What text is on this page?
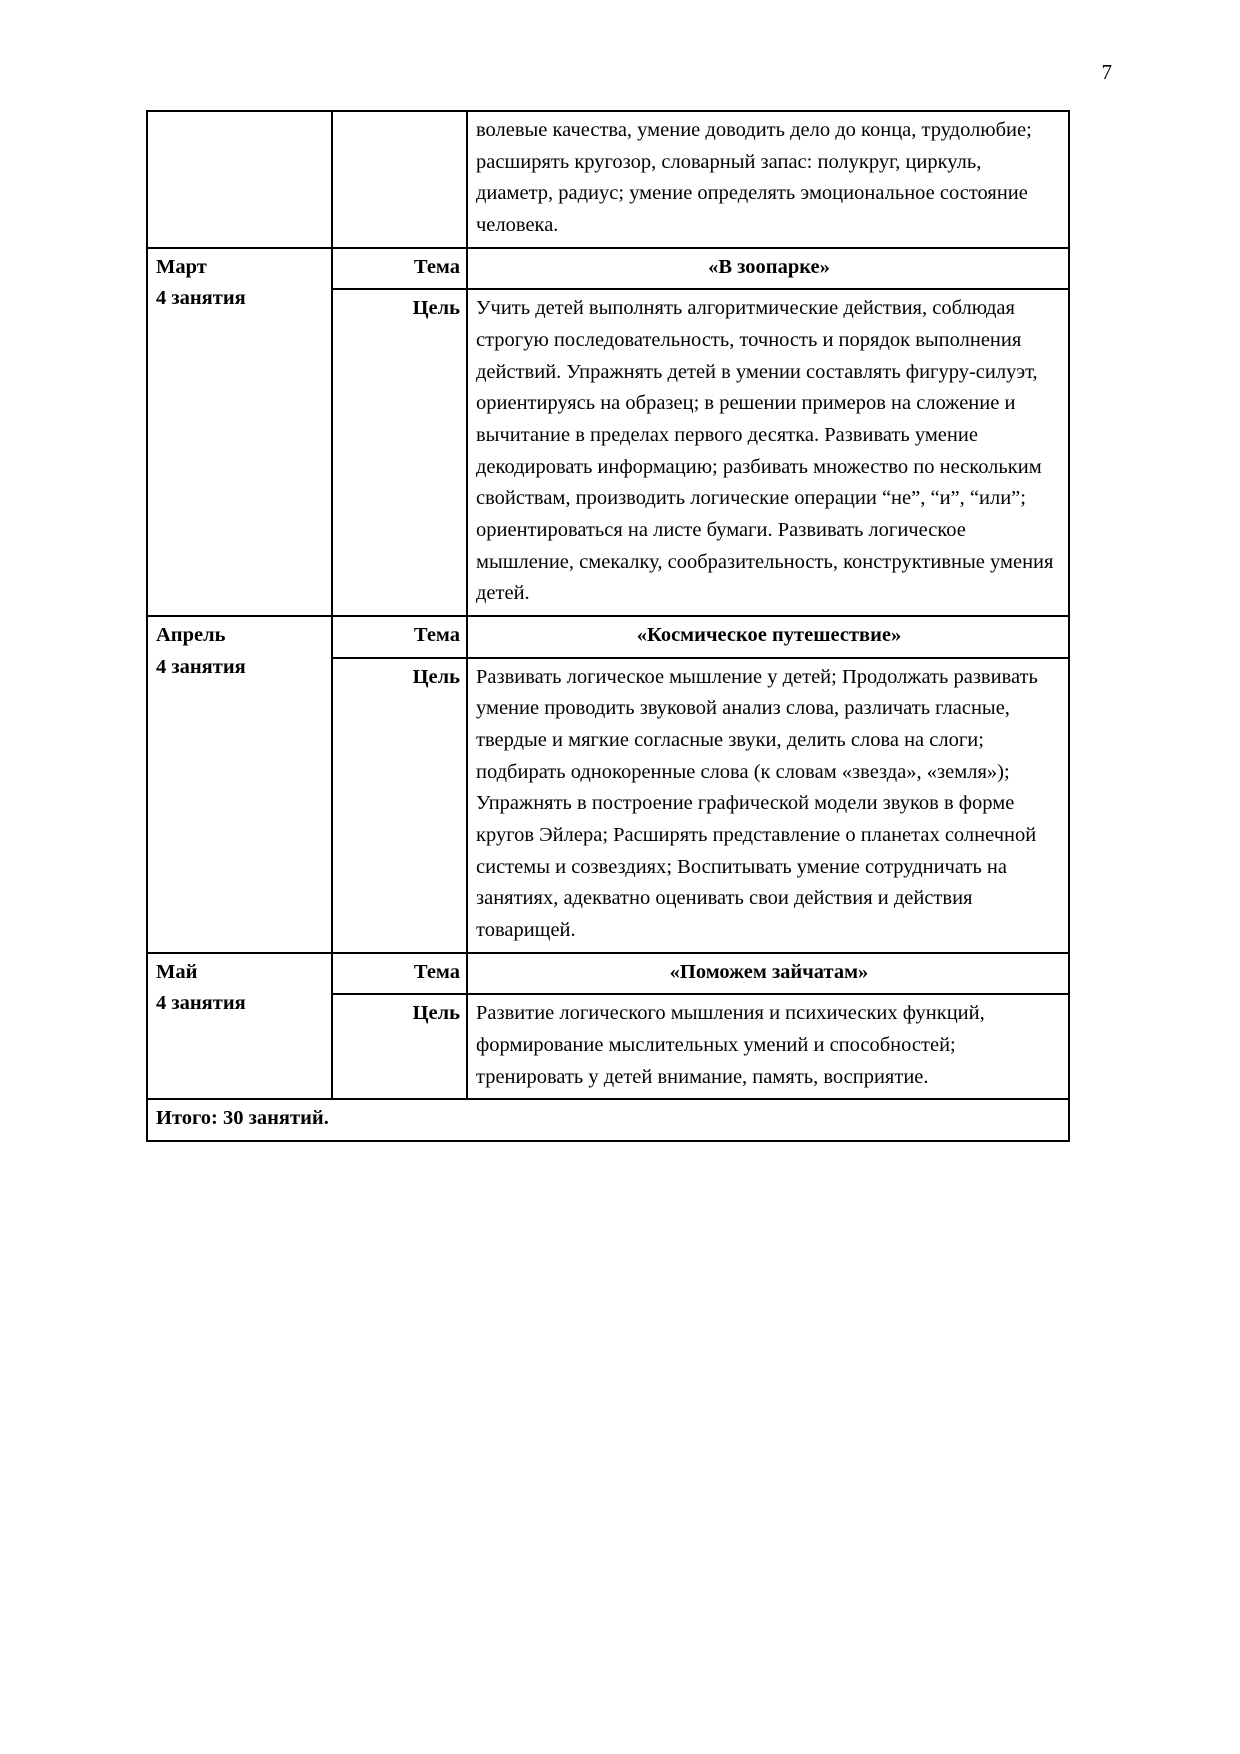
7
		волевые качества, умение доводить дело до конца, трудолюбие; расширять кругозор, словарный запас: полукруг, циркуль, диаметр, радиус; умение определять эмоциональное состояние человека.

Март
4 занятия	Тема	«В зоопарке»
	Цель	Учить детей выполнять алгоритмические действия, соблюдая строгую последовательность, точность и порядок выполнения действий. Упражнять детей в умении составлять фигуру-силуэт, ориентируясь на образец; в решении примеров на сложение и вычитание в пределах первого десятка. Развивать умение декодировать информацию; разбивать множество по нескольким свойствам, производить логические операции “не”, “и”, “или”; ориентироваться на листе бумаги. Развивать логическое мышление, смекалку, сообразительность, конструктивные умения детей.

Апрель
4 занятия	Тема	«Космическое путешествие»
	Цель	Развивать логическое мышление у детей; Продолжать развивать умение проводить звуковой анализ слова, различать гласные, твердые и мягкие согласные звуки, делить слова на слоги; подбирать однокоренные слова (к словам «звезда», «земля»); Упражнять в построение графической модели звуков в форме кругов Эйлера; Расширять представление о планетах солнечной системы и созвездиях; Воспитывать умение сотрудничать на занятиях, адекватно оценивать свои действия и действия товарищей.

Май
4 занятия	Тема	«Поможем зайчатам»
	Цель	Развитие логического мышления и психических функций, формирование мыслительных умений и способностей; тренировать у детей внимание, память, восприятие.
Итого: 30 занятий.		
